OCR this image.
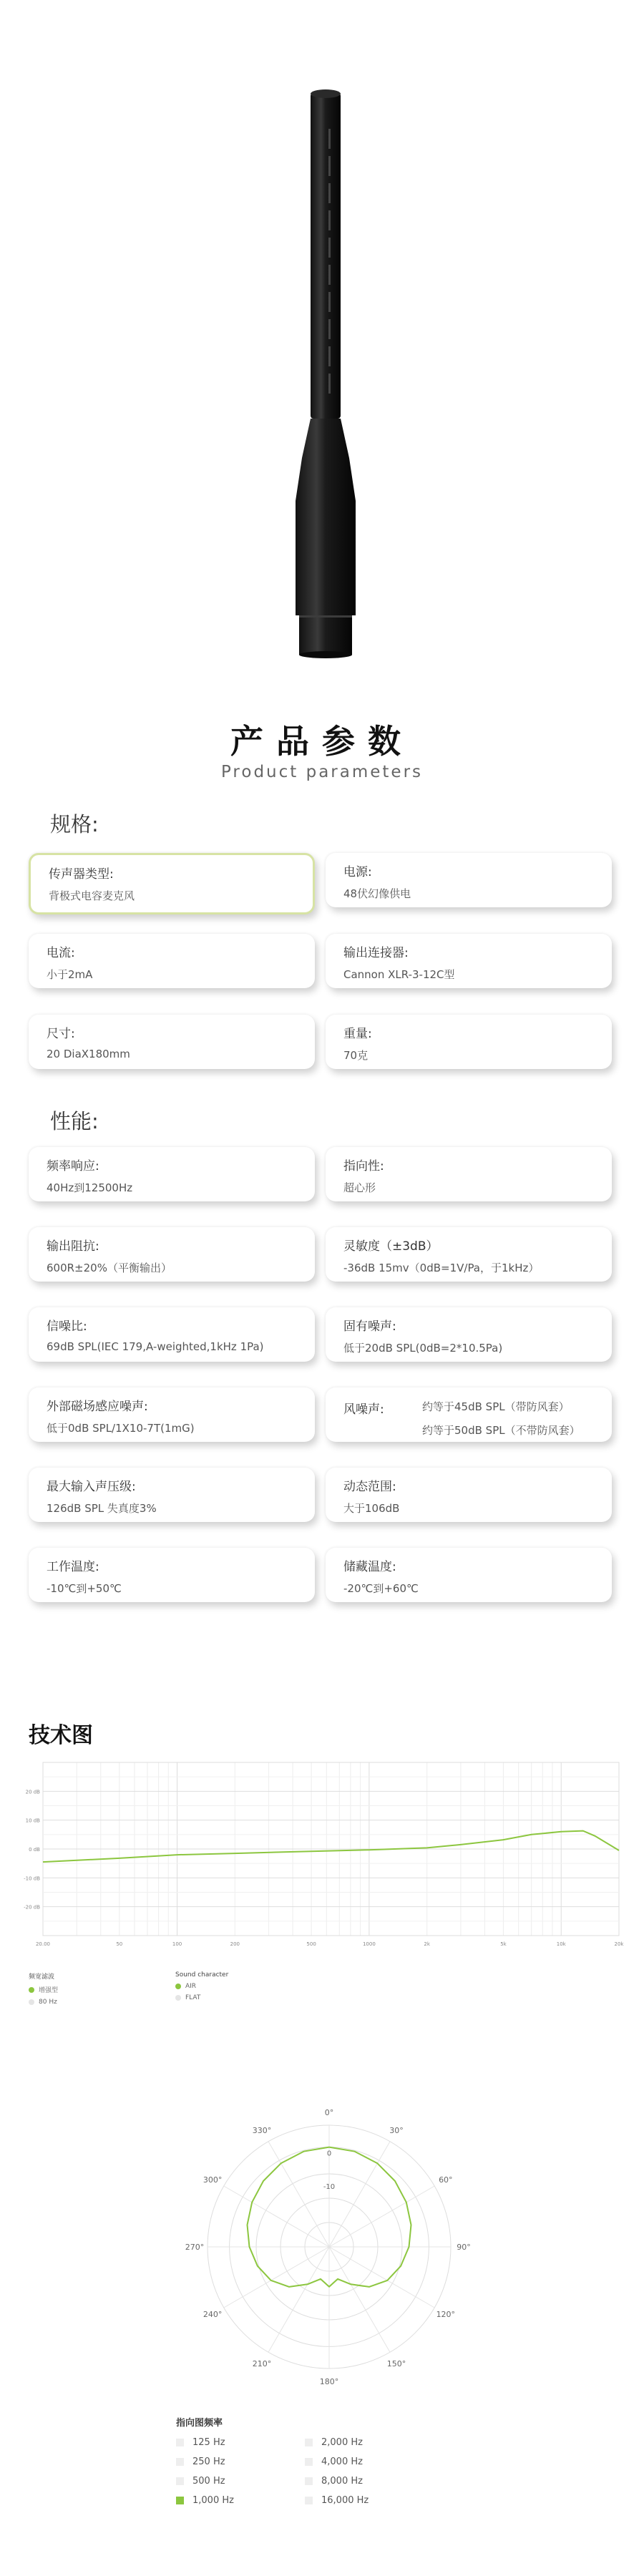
产品参数
Product parameters
规格:
传声器类型:
背极式电容麦克风
电源:
48伏幻像供电
电流:
小于2mA
输出连接器:
Cannon XLR-3-12C型
尺寸:
20 DiaX180mm
重量:
70克
性能:
频率响应:
40Hz到12500Hz
指向性:
超心形
输出阻抗:
600R±20%（平衡输出）
灵敏度（±3dB）
-36dB 15mv（0dB=1V/Pa，于1kHz）
信噪比:
69dB SPL(IEC 179,A-weighted,1kHz 1Pa)
固有噪声:
低于20dB SPL(0dB=2*10.5Pa)
外部磁场感应噪声:
低于0dB SPL/1X10-7T(1mG)
风噪声:	约等于45dB SPL（带防风套）
约等于50dB SPL（不带防风套）
最大输入声压级:
126dB SPL 失真度3%
动态范围:
大于106dB
工作温度:
-10℃到+50℃
储藏温度:
-20℃到+60℃
技术图
20 dB
10 dB
0 dB
-10 dB
-20 dB
20.00	50	100	200	500	1000	2k	5k	10k	20k
频宽滤波
增强型
80 Hz
Sound character
AIR
FLAT
0°
30°
60°
90°
120°
150°
180°
210°
240°
270°
300°
330°
0
-10
指向图频率
125 Hz	2,000 Hz
250 Hz	4,000 Hz
500 Hz	8,000 Hz
1,000 Hz	16,000 Hz
